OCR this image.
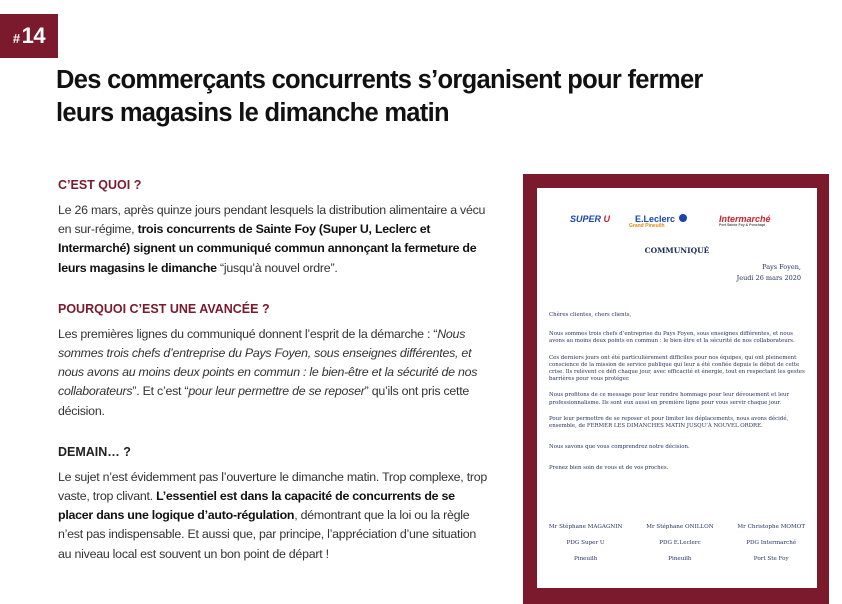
# 14
Des commerçants concurrents s’organisent pour fermer leurs magasins le dimanche matin
C’EST QUOI ?

Le 26 mars, après quinze jours pendant lesquels la distribution alimentaire a vécu en sur-régime, trois concurrents de Sainte Foy (Super U, Leclerc et Intermarché) signent un communiqué commun annonçant la fermeture de leurs magasins le dimanche “jusqu’à nouvel ordre”.

POURQUOI C’EST UNE AVANCÉE ?

Les premières lignes du communiqué donnent l’esprit de la démarche : “Nous sommes trois chefs d’entreprise du Pays Foyen, sous enseignes différentes, et nous avons au moins deux points en commun : le bien-être et la sécurité de nos collaborateurs”. Et c’est “pour leur permettre de se reposer” qu’ils ont pris cette décision.

DEMAIN… ?

Le sujet n’est évidemment pas l’ouverture le dimanche matin. Trop complexe, trop vaste, trop clivant. L’essentiel est dans la capacité de concurrents de se placer dans une logique d’auto-régulation, démontrant que la loi ou la règle n’est pas indispensable. Et aussi que, par principe, l’appréciation d’une situation au niveau local est souvent un bon point de départ !

SUPER U	E.Leclerc
Grand Pineuilh
Intermarché
Port Sainte Foy & Ponchapt
COMMUNIQUÉ
Pays Foyen,
Jeudi 26 mars 2020

Chères clientes, chers clients,

Nous sommes trois chefs d’entreprise du Pays Foyen, sous enseignes différentes, et nous avons au moins deux points en commun : le bien être et la sécurité de nos collaborateurs.

Ces derniers jours ont été particulièrement difficiles pour nos équipes, qui ont pleinement conscience de la mission de service publique qui leur a été confiée depuis le début de cette crise. Ils relèvent ce défi chaque jour, avec efficacité et énergie, tout en respectant les gestes barrières pour vous protéger.

Nous profitons de ce message pour leur rendre hommage pour leur dévouement et leur professionnalisme. Ils sont eux aussi en première ligne pour vous servir chaque jour.

Pour leur permettre de se reposer et pour limiter les déplacements, nous avons décidé, ensemble, de FERMER LES DIMANCHES MATIN JUSQU’À NOUVEL ORDRE.

Nous savons que vous comprendrez notre décision.

Prenez bien soin de vous et de vos proches.

Mr Stéphane MAGAGNIN
PDG Super U
Pineuilh
Mr Stéphane ONILLON
PDG E.Leclerc
Pineuilh
Mr Christophe MOMOT
PDG Intermarché
Port Ste Foy
